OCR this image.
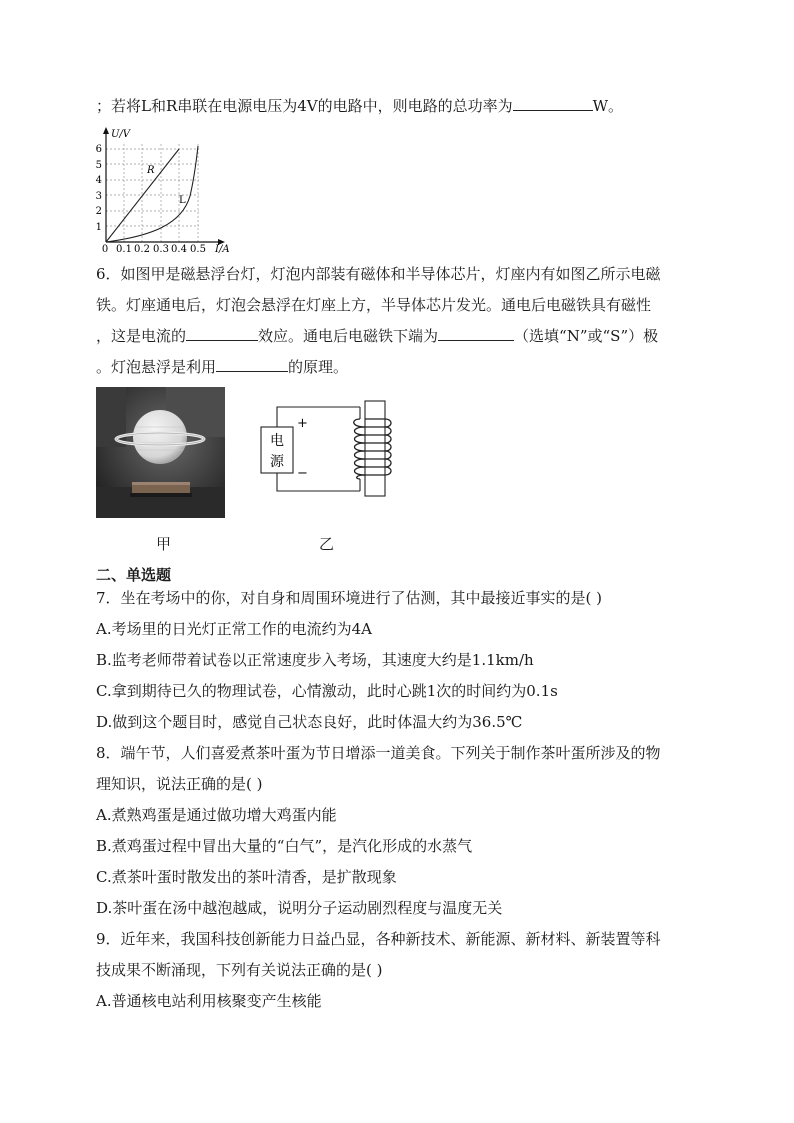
；若将L和R串联在电源电压为4V的电路中，则电路的总功率为	W。
U/V
I/A
1
2
3
4
5
6
0 0.1 0.2 0.3 0.4 0.5
R
L
6．如图甲是磁悬浮台灯，灯泡内部装有磁体和半导体芯片，灯座内有如图乙所示电磁
铁。灯座通电后，灯泡会悬浮在灯座上方，半导体芯片发光。通电后电磁铁具有磁性
，这是电流的	效应。通电后电磁铁下端为	（选填“N”或“S”）极
。灯泡悬浮是利用	的原理。
电
源
+
−
甲	乙
二、单选题
7．坐在考场中的你，对自身和周围环境进行了估测，其中最接近事实的是( )
A.考场里的日光灯正常工作的电流约为4A
B.监考老师带着试卷以正常速度步入考场，其速度大约是1.1km/h
C.拿到期待已久的物理试卷，心情激动，此时心跳1次的时间约为0.1s
D.做到这个题目时，感觉自己状态良好，此时体温大约为36.5℃
8．端午节，人们喜爱煮茶叶蛋为节日增添一道美食。下列关于制作茶叶蛋所涉及的物
理知识，说法正确的是( )
A.煮熟鸡蛋是通过做功增大鸡蛋内能
B.煮鸡蛋过程中冒出大量的“白气”，是汽化形成的水蒸气
C.煮茶叶蛋时散发出的茶叶清香，是扩散现象
D.茶叶蛋在汤中越泡越咸，说明分子运动剧烈程度与温度无关
9．近年来，我国科技创新能力日益凸显，各种新技术、新能源、新材料、新装置等科
技成果不断涌现，下列有关说法正确的是( )
A.普通核电站利用核聚变产生核能
